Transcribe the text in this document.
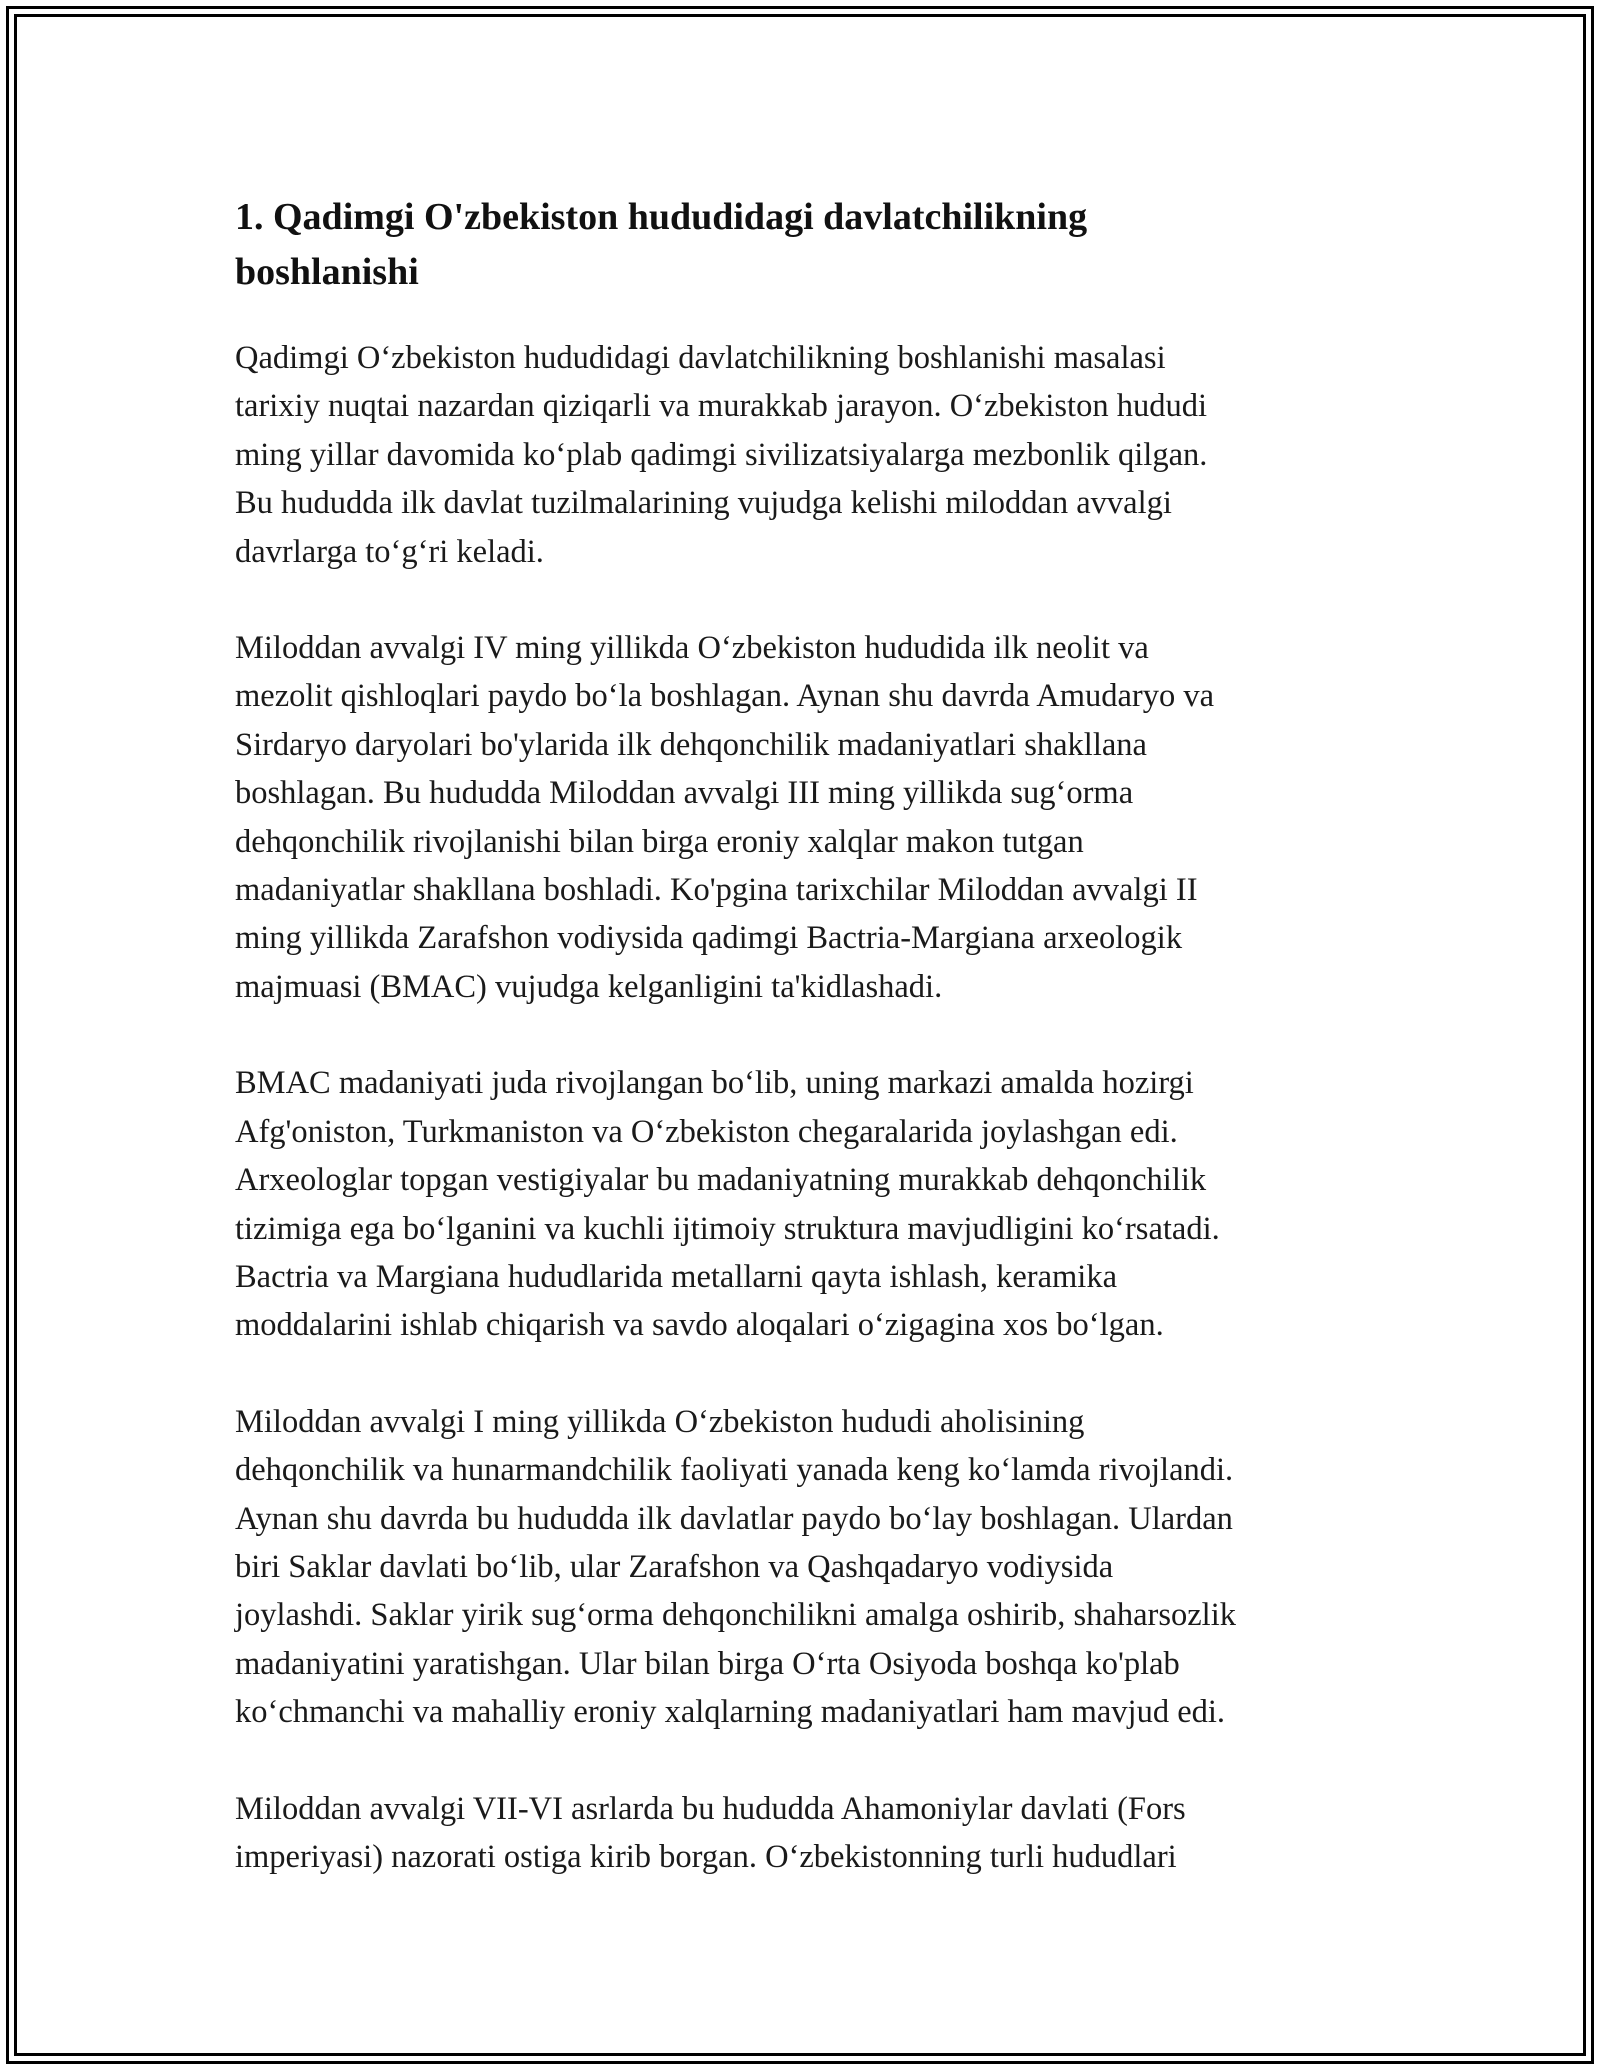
1. Qadimgi O'zbekiston hududidagi davlatchilikning
boshlanishi

Qadimgi O‘zbekiston hududidagi davlatchilikning boshlanishi masalasi
tarixiy nuqtai nazardan qiziqarli va murakkab jarayon. O‘zbekiston hududi
ming yillar davomida ko‘plab qadimgi sivilizatsiyalarga mezbonlik qilgan.
Bu hududda ilk davlat tuzilmalarining vujudga kelishi miloddan avvalgi
davrlarga to‘g‘ri keladi.

Miloddan avvalgi IV ming yillikda O‘zbekiston hududida ilk neolit va
mezolit qishloqlari paydo bo‘la boshlagan. Aynan shu davrda Amudaryo va
Sirdaryo daryolari bo'ylarida ilk dehqonchilik madaniyatlari shakllana
boshlagan. Bu hududda Miloddan avvalgi III ming yillikda sug‘orma
dehqonchilik rivojlanishi bilan birga eroniy xalqlar makon tutgan
madaniyatlar shakllana boshladi. Ko'pgina tarixchilar Miloddan avvalgi II
ming yillikda Zarafshon vodiysida qadimgi Bactria-Margiana arxeologik
majmuasi (BMAC) vujudga kelganligini ta'kidlashadi.

BMAC madaniyati juda rivojlangan bo‘lib, uning markazi amalda hozirgi
Afg'oniston, Turkmaniston va O‘zbekiston chegaralarida joylashgan edi.
Arxeologlar topgan vestigiyalar bu madaniyatning murakkab dehqonchilik
tizimiga ega bo‘lganini va kuchli ijtimoiy struktura mavjudligini ko‘rsatadi.
Bactria va Margiana hududlarida metallarni qayta ishlash, keramika
moddalarini ishlab chiqarish va savdo aloqalari o‘zigagina xos bo‘lgan.

Miloddan avvalgi I ming yillikda O‘zbekiston hududi aholisining
dehqonchilik va hunarmandchilik faoliyati yanada keng ko‘lamda rivojlandi.
Aynan shu davrda bu hududda ilk davlatlar paydo bo‘lay boshlagan. Ulardan
biri Saklar davlati bo‘lib, ular Zarafshon va Qashqadaryo vodiysida
joylashdi. Saklar yirik sug‘orma dehqonchilikni amalga oshirib, shaharsozlik
madaniyatini yaratishgan. Ular bilan birga O‘rta Osiyoda boshqa ko'plab
ko‘chmanchi va mahalliy eroniy xalqlarning madaniyatlari ham mavjud edi.

Miloddan avvalgi VII-VI asrlarda bu hududda Ahamoniylar davlati (Fors
imperiyasi) nazorati ostiga kirib borgan. O‘zbekistonning turli hududlari
